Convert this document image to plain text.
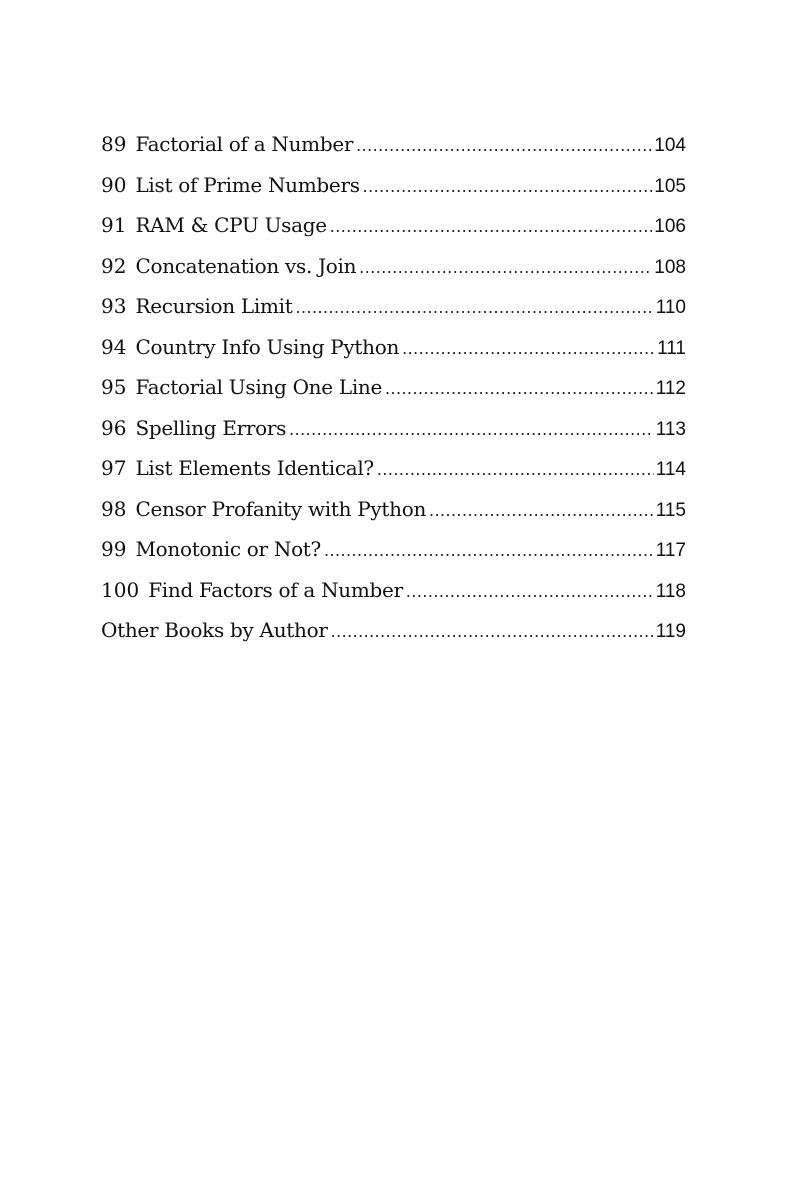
89 Factorial of a Number .....	104
90 List of Prime Numbers .....	105
91 RAM & CPU Usage .....	106
92 Concatenation vs. Join .....	108
93 Recursion Limit .....	110
94 Country Info Using Python .....	111
95 Factorial Using One Line .....	112
96 Spelling Errors .....	113
97 List Elements Identical? .....	114
98 Censor Profanity with Python .....	115
99 Monotonic or Not? .....	117
100 Find Factors of a Number .....	118
Other Books by Author .....	119
